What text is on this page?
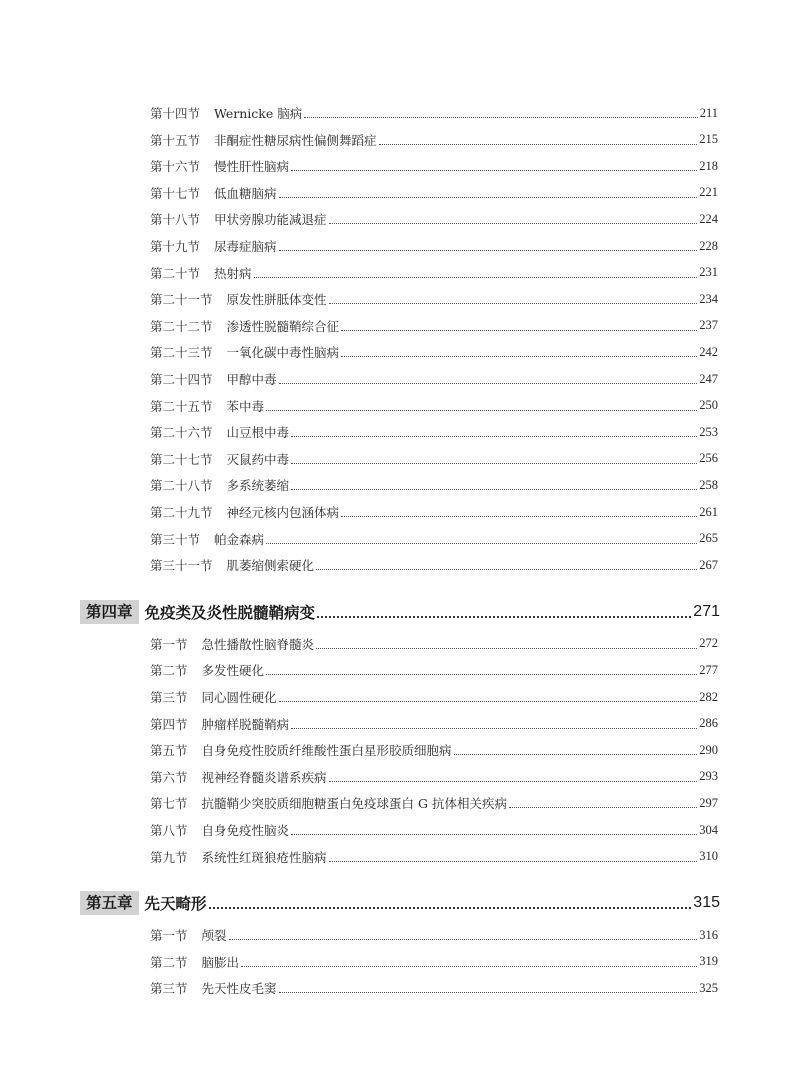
第十四节 Wernicke 脑病	211
第十五节 非酮症性糖尿病性偏侧舞蹈症	215
第十六节 慢性肝性脑病	218
第十七节 低血糖脑病	221
第十八节 甲状旁腺功能减退症	224
第十九节 尿毒症脑病	228
第二十节 热射病	231
第二十一节 原发性胼胝体变性	234
第二十二节 渗透性脱髓鞘综合征	237
第二十三节 一氧化碳中毒性脑病	242
第二十四节 甲醇中毒	247
第二十五节 苯中毒	250
第二十六节 山豆根中毒	253
第二十七节 灭鼠药中毒	256
第二十八节 多系统萎缩	258
第二十九节 神经元核内包涵体病	261
第三十节 帕金森病	265
第三十一节 肌萎缩侧索硬化	267
第四章 免疫类及炎性脱髓鞘病变	271
第一节 急性播散性脑脊髓炎	272
第二节 多发性硬化	277
第三节 同心圆性硬化	282
第四节 肿瘤样脱髓鞘病	286
第五节 自身免疫性胶质纤维酸性蛋白星形胶质细胞病	290
第六节 视神经脊髓炎谱系疾病	293
第七节 抗髓鞘少突胶质细胞糖蛋白免疫球蛋白 G 抗体相关疾病	297
第八节 自身免疫性脑炎	304
第九节 系统性红斑狼疮性脑病	310
第五章 先天畸形	315
第一节 颅裂	316
第二节 脑膨出	319
第三节 先天性皮毛窦	325
